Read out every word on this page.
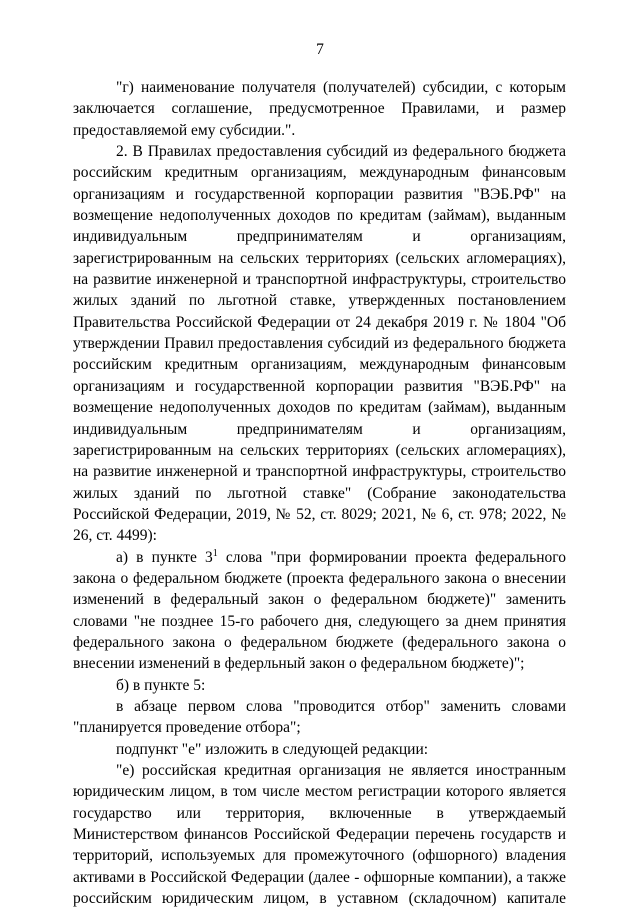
7

"г) наименование получателя (получателей) субсидии, с которым заключается соглашение, предусмотренное Правилами, и размер предоставляемой ему субсидии.".

2. В Правилах предоставления субсидий из федерального бюджета российским кредитным организациям, международным финансовым организациям и государственной корпорации развития "ВЭБ.РФ" на возмещение недополученных доходов по кредитам (займам), выданным индивидуальным предпринимателям и организациям, зарегистрированным на сельских территориях (сельских агломерациях), на развитие инженерной и транспортной инфраструктуры, строительство жилых зданий по льготной ставке, утвержденных постановлением Правительства Российской Федерации от 24 декабря 2019 г. № 1804 "Об утверждении Правил предоставления субсидий из федерального бюджета российским кредитным организациям, международным финансовым организациям и государственной корпорации развития "ВЭБ.РФ" на возмещение недополученных доходов по кредитам (займам), выданным индивидуальным предпринимателям и организациям, зарегистрированным на сельских территориях (сельских агломерациях), на развитие инженерной и транспортной инфраструктуры, строительство жилых зданий по льготной ставке" (Собрание законодательства Российской Федерации, 2019, № 52, ст. 8029; 2021, № 6, ст. 978; 2022, № 26, ст. 4499):

а) в пункте $3^1$ слова "при формировании проекта федерального закона о федеральном бюджете (проекта федерального закона о внесении изменений в федеральный закон о федеральном бюджете)" заменить словами "не позднее 15-го рабочего дня, следующего за днем принятия федерального закона о федеральном бюджете (федерального закона о внесении изменений в федерльный закон о федеральном бюджете)";

б) в пункте 5:

в абзаце первом слова "проводится отбор" заменить словами "планируется проведение отбора";

подпункт "е" изложить в следующей редакции:

"е) российская кредитная организация не является иностранным юридическим лицом, в том числе местом регистрации которого является государство или территория, включенные в утверждаемый Министерством финансов Российской Федерации перечень государств и территорий, используемых для промежуточного (офшорного) владения активами в Российской Федерации (далее - офшорные компании), а также российским юридическим лицом, в уставном (складочном) капитале
